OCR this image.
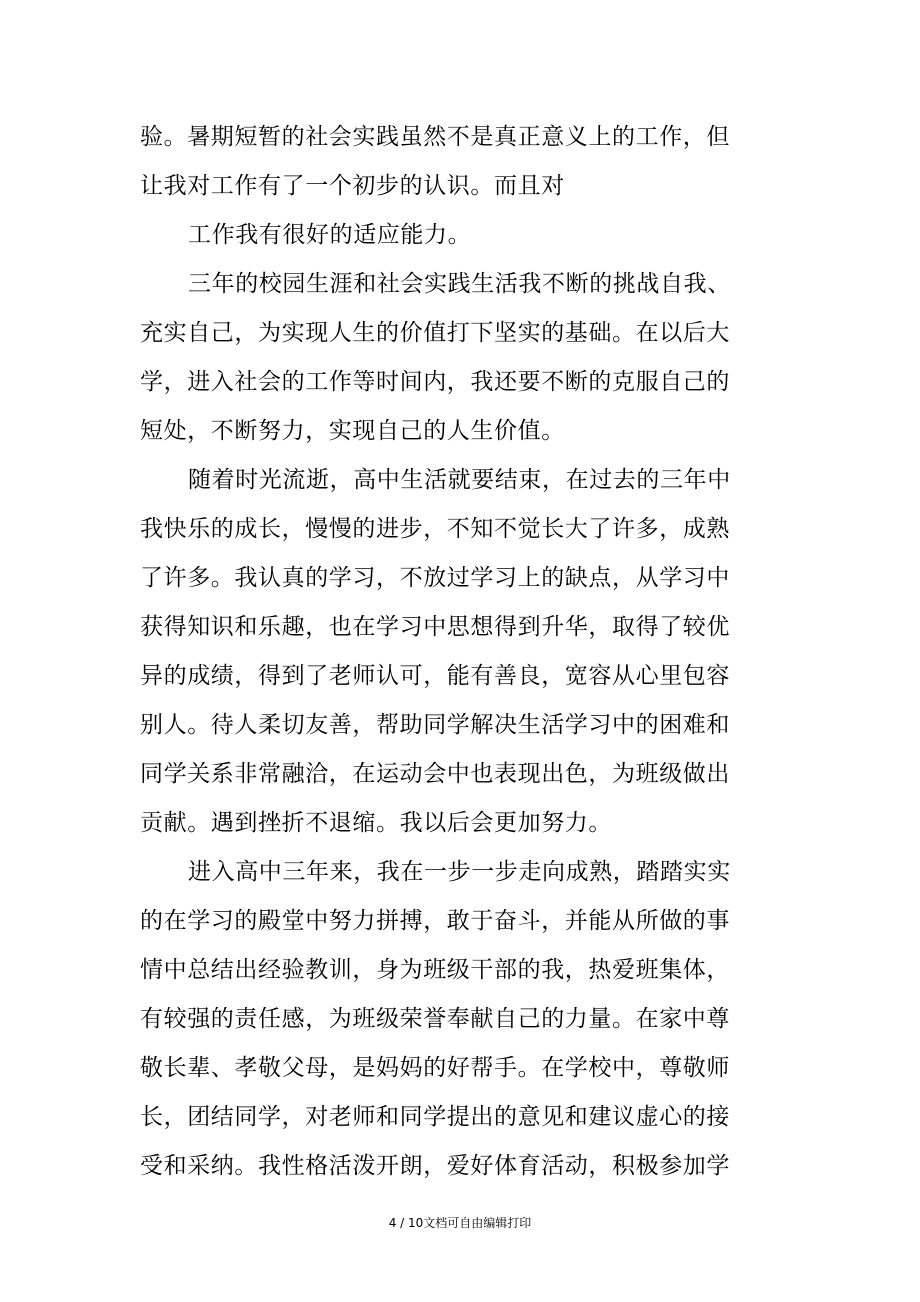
验。暑期短暂的社会实践虽然不是真正意义上的工作，但
让我对工作有了一个初步的认识。而且对
工作我有很好的适应能力。
三年的校园生涯和社会实践生活我不断的挑战自我、
充实自己，为实现人生的价值打下坚实的基础。在以后大
学，进入社会的工作等时间内，我还要不断的克服自己的
短处，不断努力，实现自己的人生价值。
随着时光流逝，高中生活就要结束，在过去的三年中
我快乐的成长，慢慢的进步，不知不觉长大了许多，成熟
了许多。我认真的学习，不放过学习上的缺点，从学习中
获得知识和乐趣，也在学习中思想得到升华，取得了较优
异的成绩，得到了老师认可，能有善良，宽容从心里包容
别人。待人柔切友善，帮助同学解决生活学习中的困难和
同学关系非常融洽，在运动会中也表现出色，为班级做出
贡献。遇到挫折不退缩。我以后会更加努力。
进入高中三年来，我在一步一步走向成熟，踏踏实实
的在学习的殿堂中努力拼搏，敢于奋斗，并能从所做的事
情中总结出经验教训，身为班级干部的我，热爱班集体，
有较强的责任感，为班级荣誉奉献自己的力量。在家中尊
敬长辈、孝敬父母，是妈妈的好帮手。在学校中，尊敬师
长，团结同学，对老师和同学提出的意见和建议虚心的接
受和采纳。我性格活泼开朗，爱好体育活动，积极参加学
4 / 10文档可自由编辑打印
